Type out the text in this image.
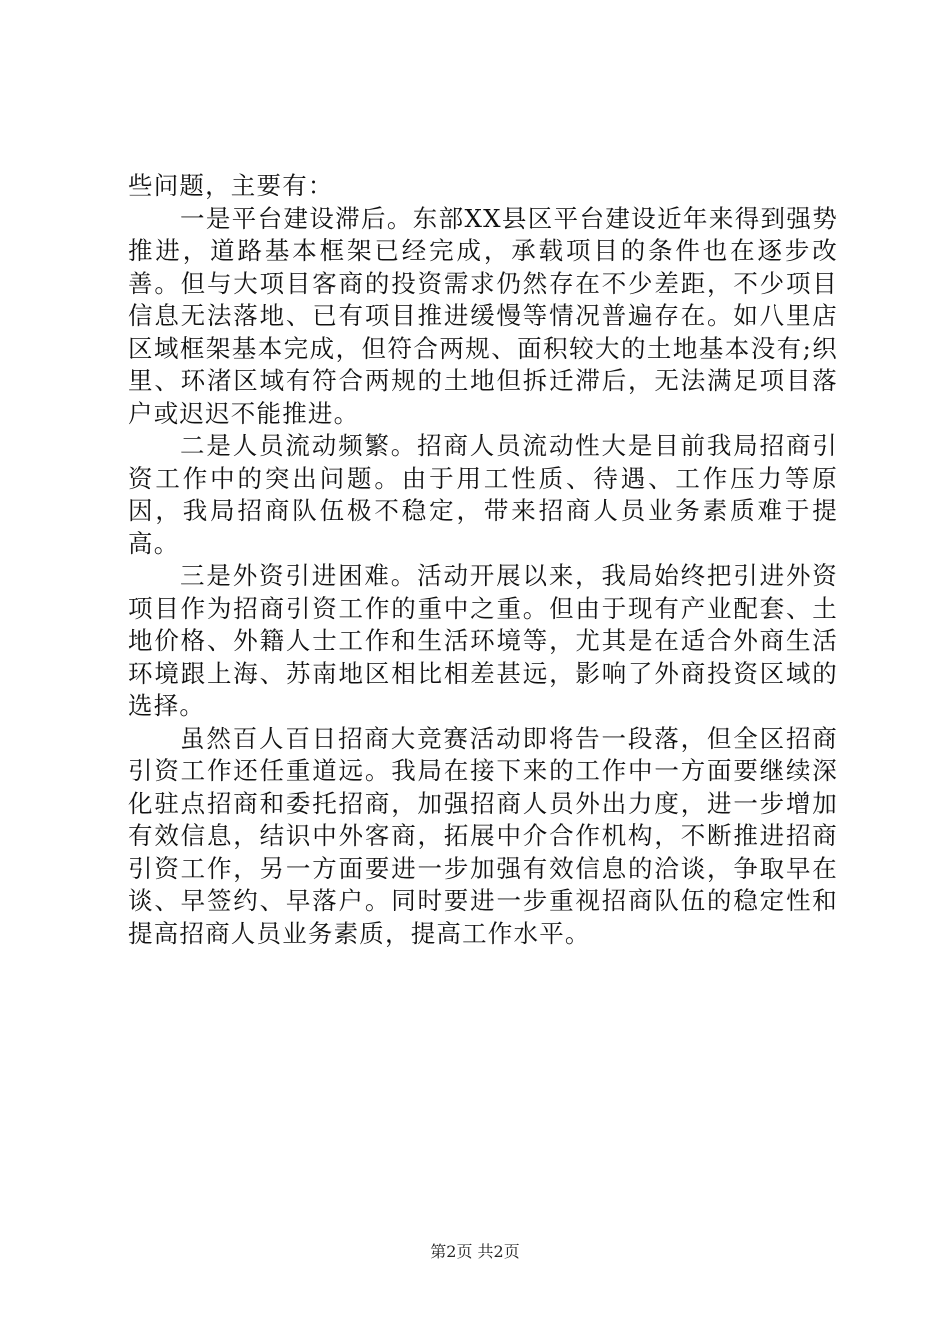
些问题，主要有：

一是平台建设滞后。东部XX县区平台建设近年来得到强势推进，道路基本框架已经完成，承载项目的条件也在逐步改善。但与大项目客商的投资需求仍然存在不少差距，不少项目信息无法落地、已有项目推进缓慢等情况普遍存在。如八里店区域框架基本完成，但符合两规、面积较大的土地基本没有;织里、环渚区域有符合两规的土地但拆迁滞后，无法满足项目落户或迟迟不能推进。

二是人员流动频繁。招商人员流动性大是目前我局招商引资工作中的突出问题。由于用工性质、待遇、工作压力等原因，我局招商队伍极不稳定，带来招商人员业务素质难于提高。

三是外资引进困难。活动开展以来，我局始终把引进外资项目作为招商引资工作的重中之重。但由于现有产业配套、土地价格、外籍人士工作和生活环境等，尤其是在适合外商生活环境跟上海、苏南地区相比相差甚远，影响了外商投资区域的选择。

虽然百人百日招商大竞赛活动即将告一段落，但全区招商引资工作还任重道远。我局在接下来的工作中一方面要继续深化驻点招商和委托招商，加强招商人员外出力度，进一步增加有效信息，结识中外客商，拓展中介合作机构，不断推进招商引资工作，另一方面要进一步加强有效信息的洽谈，争取早在谈、早签约、早落户。同时要进一步重视招商队伍的稳定性和提高招商人员业务素质，提高工作水平。

第2页 共2页
